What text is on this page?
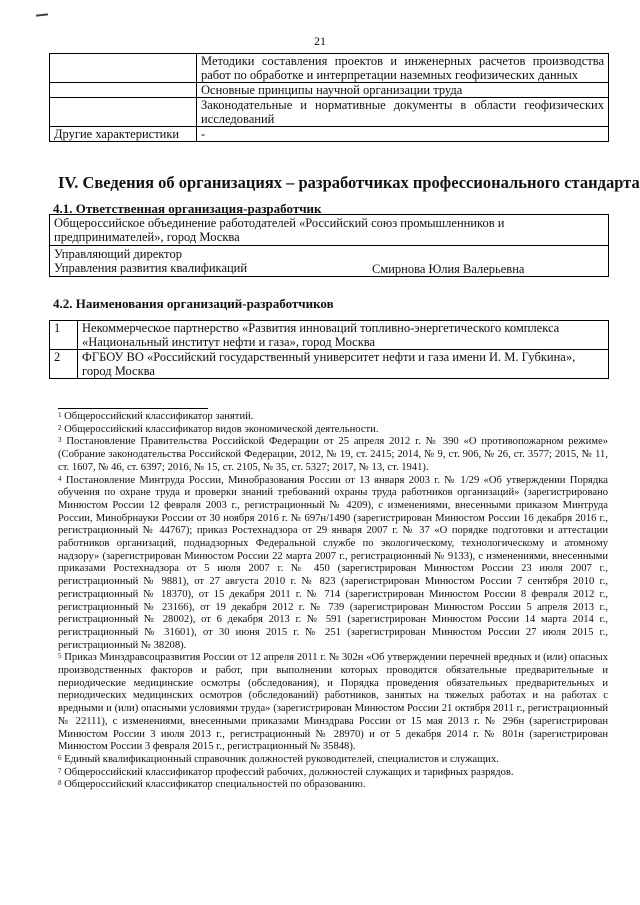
21
	Методики составления проектов и инженерных расчетов производства работ по обработке и интерпретации наземных геофизических данных
	Основные принципы научной организации труда
	Законодательные и нормативные документы в области геофизических исследований
Другие характеристики	-
IV. Сведения об организациях – разработчиках профессионального стандарта
4.1. Ответственная организация-разработчик
Общероссийское объединение работодателей «Российский союз промышленников и предпринимателей», город Москва

Управляющий директор
Управления развития квалификаций	Смирнова Юлия Валерьевна
4.2. Наименования организаций-разработчиков
1	Некоммерческое партнерство «Развития инноваций топливно-энергетического комплекса «Национальный институт нефти и газа», город Москва
2	ФГБОУ ВО «Российский государственный университет нефти и газа имени И. М. Губкина», город Москва

$^1$ Общероссийский классификатор занятий.

$^2$ Общероссийский классификатор видов экономической деятельности.

$^3$ Постановление Правительства Российской Федерации от 25 апреля 2012 г. № 390 «О противопожарном режиме» (Собрание законодательства Российской Федерации, 2012, № 19, ст. 2415; 2014, № 9, ст. 906, № 26, ст. 3577; 2015, № 11, ст. 1607, № 46, ст. 6397; 2016, № 15, ст. 2105, № 35, ст. 5327; 2017, № 13, ст. 1941).

$^4$ Постановление Минтруда России, Минобразования России от 13 января 2003 г. № 1/29 «Об утверждении Порядка обучения по охране труда и проверки знаний требований охраны труда работников организаций» (зарегистрировано Минюстом России 12 февраля 2003 г., регистрационный № 4209), с изменениями, внесенными приказом Минтруда России, Минобрнауки России от 30 ноября 2016 г. № 697н/1490 (зарегистрирован Минюстом России 16 декабря 2016 г., регистрационный № 44767); приказ Ростехнадзора от 29 января 2007 г. № 37 «О порядке подготовки и аттестации работников организаций, поднадзорных Федеральной службе по экологическому, технологическому и атомному надзору» (зарегистрирован Минюстом России 22 марта 2007 г., регистрационный № 9133), с изменениями, внесенными приказами Ростехнадзора от 5 июля 2007 г. № 450 (зарегистрирован Минюстом России 23 июля 2007 г., регистрационный № 9881), от 27 августа 2010 г. № 823 (зарегистрирован Минюстом России 7 сентября 2010 г., регистрационный № 18370), от 15 декабря 2011 г. № 714 (зарегистрирован Минюстом России 8 февраля 2012 г., регистрационный № 23166), от 19 декабря 2012 г. № 739 (зарегистрирован Минюстом России 5 апреля 2013 г., регистрационный № 28002), от 6 декабря 2013 г. № 591 (зарегистрирован Минюстом России 14 марта 2014 г., регистрационный № 31601), от 30 июня 2015 г. № 251 (зарегистрирован Минюстом России 27 июля 2015 г., регистрационный № 38208).

$^5$ Приказ Минздравсоцразвития России от 12 апреля 2011 г. № 302н «Об утверждении перечней вредных и (или) опасных производственных факторов и работ, при выполнении которых проводятся обязательные предварительные и периодические медицинские осмотры (обследования), и Порядка проведения обязательных предварительных и периодических медицинских осмотров (обследований) работников, занятых на тяжелых работах и на работах с вредными и (или) опасными условиями труда» (зарегистрирован Минюстом России 21 октября 2011 г., регистрационный № 22111), с изменениями, внесенными приказами Минздрава России от 15 мая 2013 г. № 296н (зарегистрирован Минюстом России 3 июля 2013 г., регистрационный № 28970) и от 5 декабря 2014 г. № 801н (зарегистрирован Минюстом России 3 февраля 2015 г., регистрационный № 35848).

$^6$ Единый квалификационный справочник должностей руководителей, специалистов и служащих.

$^7$ Общероссийский классификатор профессий рабочих, должностей служащих и тарифных разрядов.

$^8$ Общероссийский классификатор специальностей по образованию.
